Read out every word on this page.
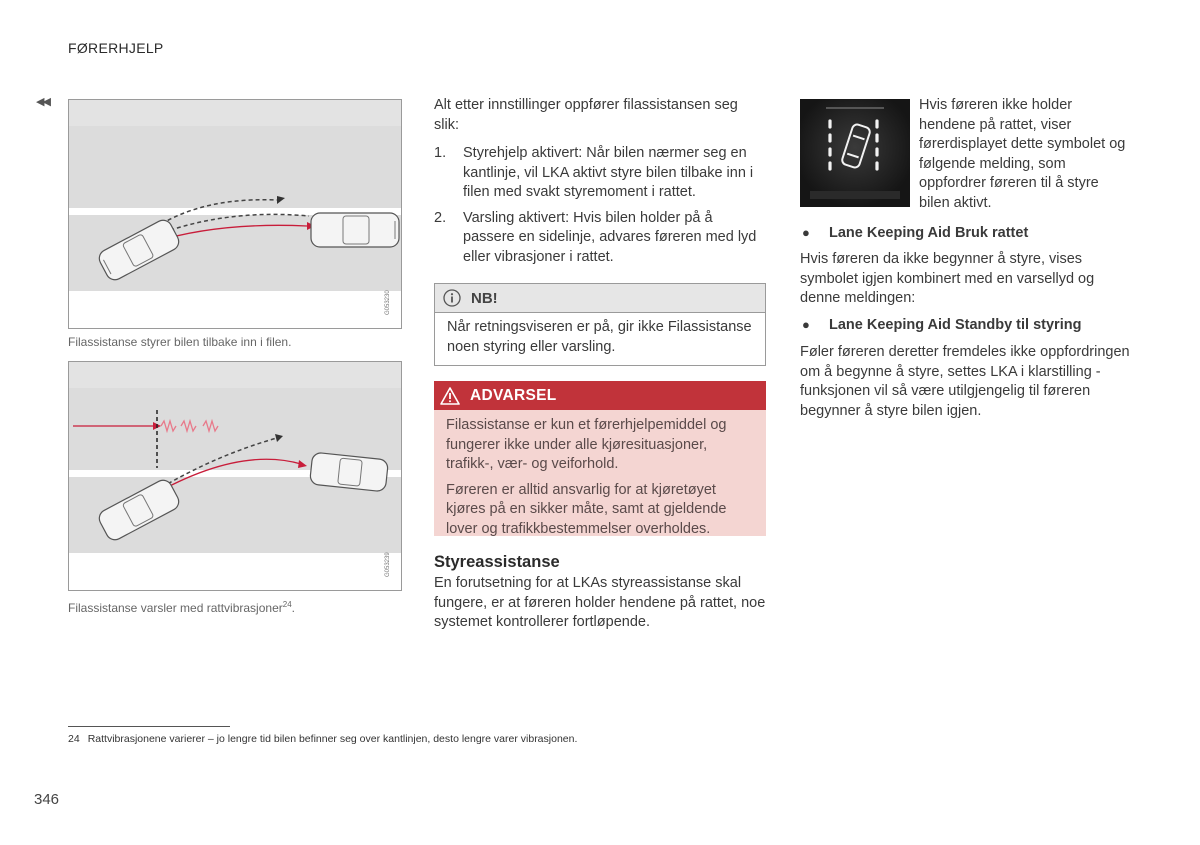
FØRERHJELP
◀◀
G053230
Filassistanse styrer bilen tilbake inn i filen.
G053239
Filassistanse varsler med rattvibrasjoner$^{24}$.
Alt etter innstillinger oppfører filassistansen seg slik:
1.	Styrehjelp aktivert: Når bilen nærmer seg en kantlinje, vil LKA aktivt styre bilen tilbake inn i filen med svakt styremoment i rattet.
2.	Varsling aktivert: Hvis bilen holder på å passere en sidelinje, advares føreren med lyd eller vibrasjoner i rattet.
NB!
Når retningsviseren er på, gir ikke Filassistanse noen styring eller varsling.
ADVARSEL

Filassistanse er kun et førerhjelpemiddel og fungerer ikke under alle kjøresituasjoner, trafikk-, vær- og veiforhold.

Føreren er alltid ansvarlig for at kjøretøyet kjøres på en sikker måte, samt at gjeldende lover og trafikkbestemmelser overholdes.

Styreassistanse
En forutsetning for at LKAs styreassistanse skal fungere, er at føreren holder hendene på rattet, noe systemet kontrollerer fortløpende.
Hvis føreren ikke holder hendene på rattet, viser førerdisplayet dette symbolet og følgende melding, som oppfordrer føreren til å styre bilen aktivt.
●	Lane Keeping Aid Bruk rattet
Hvis føreren da ikke begynner å styre, vises symbolet igjen kombinert med en varsellyd og denne meldingen:
●	Lane Keeping Aid Standby til styring
Føler føreren deretter fremdeles ikke oppfordringen om å begynne å styre, settes LKA i klarstilling - funksjonen vil så være utilgjengelig til føreren begynner å styre bilen igjen.
24 Rattvibrasjonene varierer – jo lengre tid bilen befinner seg over kantlinjen, desto lengre varer vibrasjonen.
346
